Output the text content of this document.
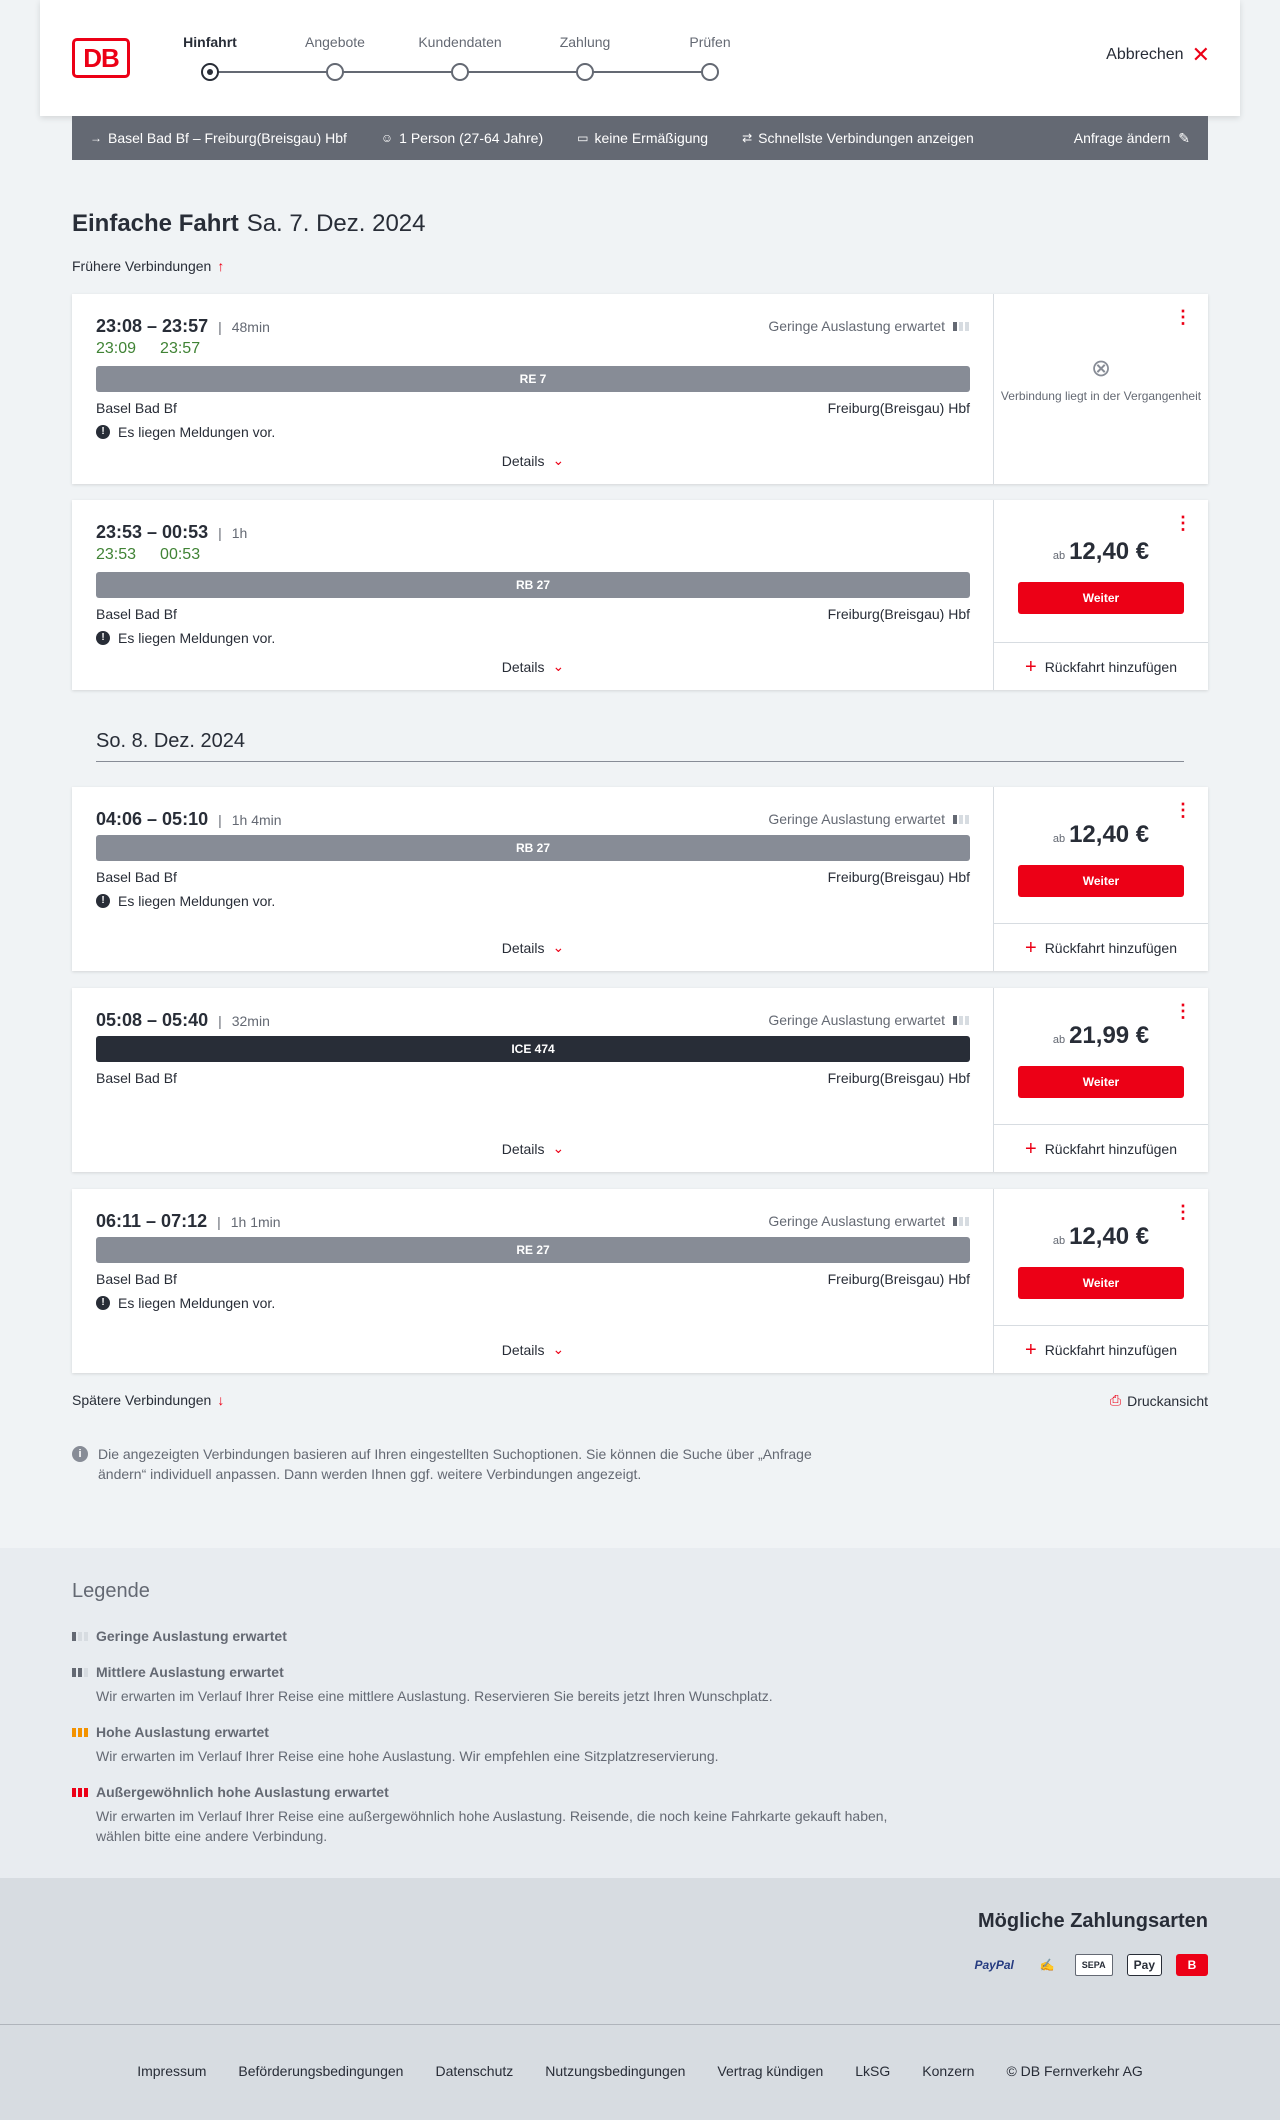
DB
Hinfahrt	Angebote	Kundendaten	Zahlung	Prüfen
Abbrechen ✕
→ Basel Bad Bf – Freiburg(Breisgau) Hbf	☺ 1 Person (27-64 Jahre)	▭ keine Ermäßigung	⇄ Schnellste Verbindungen anzeigen	Anfrage ändern ✎
Einfache Fahrt Sa. 7. Dez. 2024
Frühere Verbindungen ↑
23:08 – 23:57 | 48min
23:09 23:57
Geringe Auslastung erwartet
RE 7
Basel Bad Bf	Freiburg(Breisgau) Hbf
! Es liegen Meldungen vor.
Details ⌄
⋮
⊗
Verbindung liegt in der Vergangenheit
23:53 – 00:53 | 1h
23:53 00:53
RB 27
Basel Bad Bf	Freiburg(Breisgau) Hbf
! Es liegen Meldungen vor.
Details ⌄
⋮
ab 12,40 €
Weiter
+ Rückfahrt hinzufügen
So. 8. Dez. 2024
04:06 – 05:10 | 1h 4min	Geringe Auslastung erwartet
RB 27
Basel Bad Bf	Freiburg(Breisgau) Hbf
! Es liegen Meldungen vor.
Details ⌄
⋮
ab 12,40 €
Weiter
+ Rückfahrt hinzufügen
05:08 – 05:40 | 32min	Geringe Auslastung erwartet
ICE 474
Basel Bad Bf	Freiburg(Breisgau) Hbf
Details ⌄
⋮
ab 21,99 €
Weiter
+ Rückfahrt hinzufügen
06:11 – 07:12 | 1h 1min	Geringe Auslastung erwartet
RE 27
Basel Bad Bf	Freiburg(Breisgau) Hbf
! Es liegen Meldungen vor.
Details ⌄
⋮
ab 12,40 €
Weiter
+ Rückfahrt hinzufügen
Spätere Verbindungen ↓	⎙ Druckansicht
i	Die angezeigten Verbindungen basieren auf Ihren eingestellten Suchoptionen. Sie können die Suche über „Anfrage ändern“ individuell anpassen. Dann werden Ihnen ggf. weitere Verbindungen angezeigt.
Legende
Geringe Auslastung erwartet
Mittlere Auslastung erwartet
Wir erwarten im Verlauf Ihrer Reise eine mittlere Auslastung. Reservieren Sie bereits jetzt Ihren Wunschplatz.
Hohe Auslastung erwartet
Wir erwarten im Verlauf Ihrer Reise eine hohe Auslastung. Wir empfehlen eine Sitzplatzreservierung.
Außergewöhnlich hohe Auslastung erwartet
Wir erwarten im Verlauf Ihrer Reise eine außergewöhnlich hohe Auslastung. Reisende, die noch keine Fahrkarte gekauft haben, wählen bitte eine andere Verbindung.
Mögliche Zahlungsarten
PayPal	✍	SEPA	Pay	B
Impressum Beförderungsbedingungen Datenschutz Nutzungsbedingungen Vertrag kündigen LkSG Konzern © DB Fernverkehr AG
